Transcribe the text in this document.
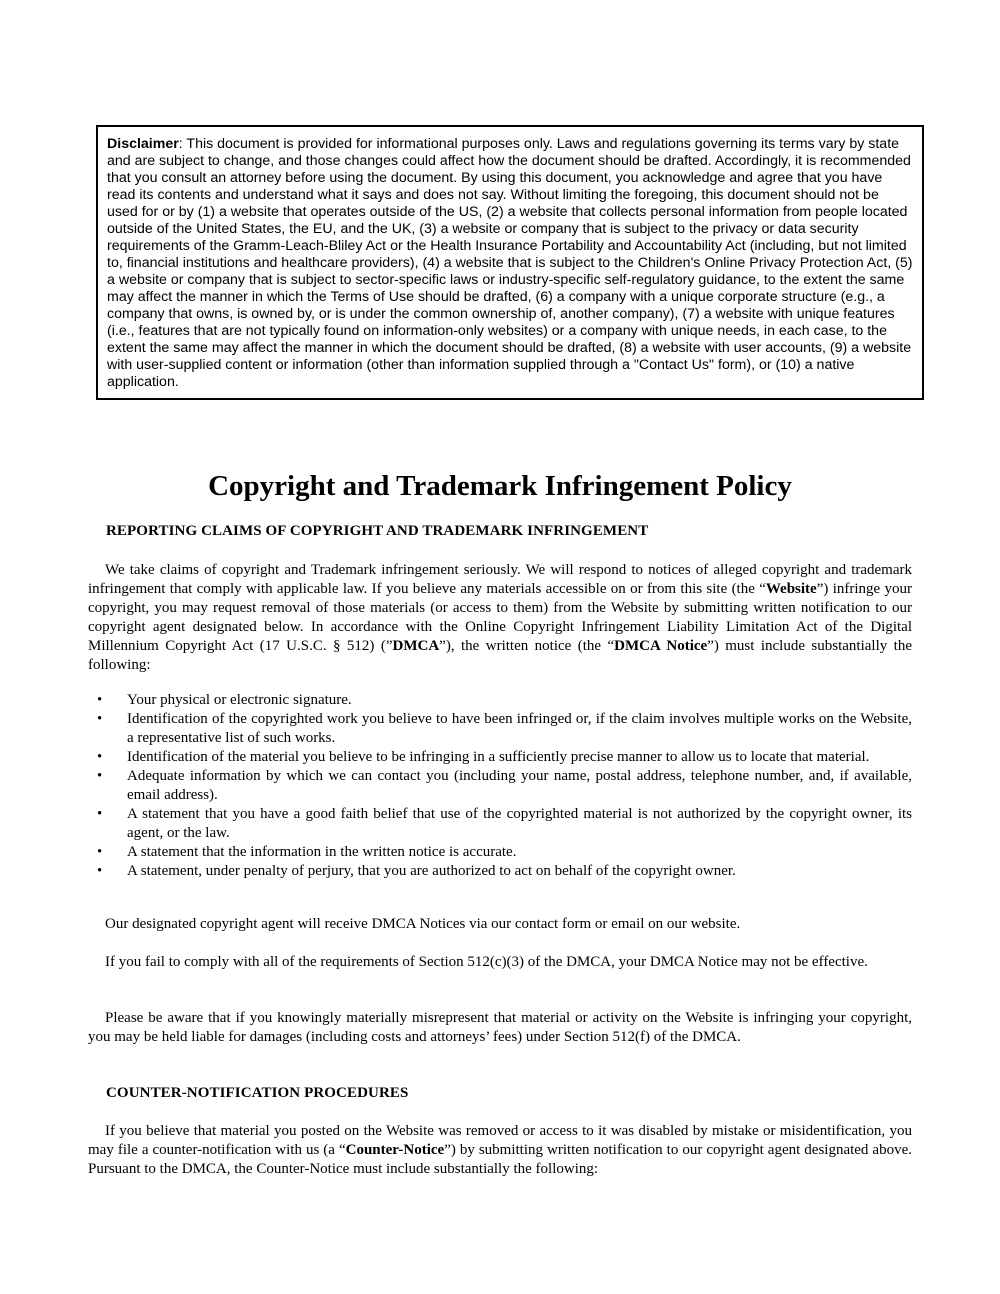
Disclaimer: This document is provided for informational purposes only. Laws and regulations governing its terms vary by state and are subject to change, and those changes could affect how the document should be drafted. Accordingly, it is recommended that you consult an attorney before using the document. By using this document, you acknowledge and agree that you have read its contents and understand what it says and does not say. Without limiting the foregoing, this document should not be used for or by (1) a website that operates outside of the US, (2) a website that collects personal information from people located outside of the United States, the EU, and the UK, (3) a website or company that is subject to the privacy or data security requirements of the Gramm-Leach-Bliley Act or the Health Insurance Portability and Accountability Act (including, but not limited to, financial institutions and healthcare providers), (4) a website that is subject to the Children's Online Privacy Protection Act, (5) a website or company that is subject to sector-specific laws or industry-specific self-regulatory guidance, to the extent the same may affect the manner in which the Terms of Use should be drafted, (6) a company with a unique corporate structure (e.g., a company that owns, is owned by, or is under the common ownership of, another company), (7) a website with unique features (i.e., features that are not typically found on information-only websites) or a company with unique needs, in each case, to the extent the same may affect the manner in which the document should be drafted, (8) a website with user accounts, (9) a website with user-supplied content or information (other than information supplied through a "Contact Us" form), or (10) a native application.

Copyright and Trademark Infringement Policy
REPORTING CLAIMS OF COPYRIGHT AND TRADEMARK INFRINGEMENT

We take claims of copyright and Trademark infringement seriously. We will respond to notices of alleged copyright and trademark infringement that comply with applicable law. If you believe any materials accessible on or from this site (the “Website”) infringe your copyright, you may request removal of those materials (or access to them) from the Website by submitting written notification to our copyright agent designated below. In accordance with the Online Copyright Infringement Liability Limitation Act of the Digital Millennium Copyright Act (17 U.S.C. § 512) (”DMCA”), the written notice (the “DMCA Notice”) must include substantially the following:

• Your physical or electronic signature.
• Identification of the copyrighted work you believe to have been infringed or, if the claim involves multiple works on the Website, a representative list of such works.
• Identification of the material you believe to be infringing in a sufficiently precise manner to allow us to locate that material.
• Adequate information by which we can contact you (including your name, postal address, telephone number, and, if available, email address).
• A statement that you have a good faith belief that use of the copyrighted material is not authorized by the copyright owner, its agent, or the law.
• A statement that the information in the written notice is accurate.
• A statement, under penalty of perjury, that you are authorized to act on behalf of the copyright owner.

Our designated copyright agent will receive DMCA Notices via our contact form or email on our website.

If you fail to comply with all of the requirements of Section 512(c)(3) of the DMCA, your DMCA Notice may not be effective.

Please be aware that if you knowingly materially misrepresent that material or activity on the Website is infringing your copyright, you may be held liable for damages (including costs and attorneys’ fees) under Section 512(f) of the DMCA.

COUNTER-NOTIFICATION PROCEDURES

If you believe that material you posted on the Website was removed or access to it was disabled by mistake or misidentification, you may file a counter-notification with us (a “Counter-Notice”) by submitting written notification to our copyright agent designated above. Pursuant to the DMCA, the Counter-Notice must include substantially the following:
